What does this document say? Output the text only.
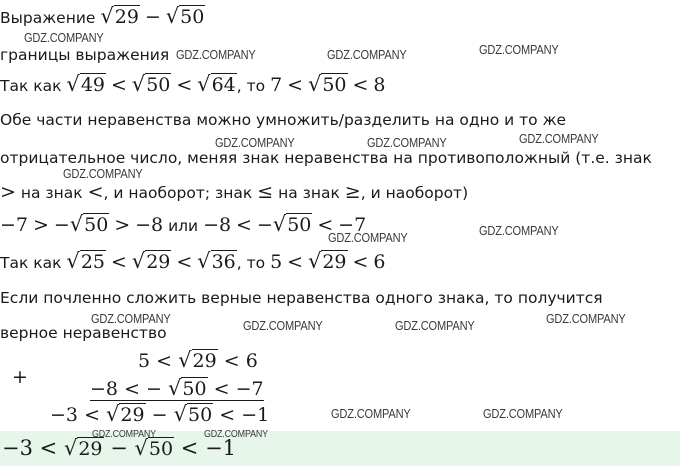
Выражение √29 − √50
границы выражения
Так как √49 < √50 < √64, то 7 < √50 < 8
Обе части неравенства можно умножить/разделить на одно и то же
отрицательное число, меняя знак неравенства на противоположный (т.е. знак
> на знак <, и наоборот; знак ≤ на знак ≥, и наоборот)
−7 > −√50 > −8 или −8 < −√50 < −7
Так как √25 < √29 < √36, то 5 < √29 < 6
Если почленно сложить верные неравенства одного знака, то получится
верное неравенство
+
5 < √29 < 6
−8 < − √50 < −7
−3 < √29 − √50 < −1
−3 < √29 − √50 < −1
GDZ.COMPANY
GDZ.COMPANY	GDZ.COMPANY	GDZ.COMPANY
GDZ.COMPANY	GDZ.COMPANY	GDZ.COMPANY
GDZ.COMPANY
GDZ.COMPANY	GDZ.COMPANY
GDZ.COMPANY	GDZ.COMPANY	GDZ.COMPANY	GDZ.COMPANY
GDZ.COMPANY	GDZ.COMPANY
GDZ.COMPANY	GDZ.COMPANY
